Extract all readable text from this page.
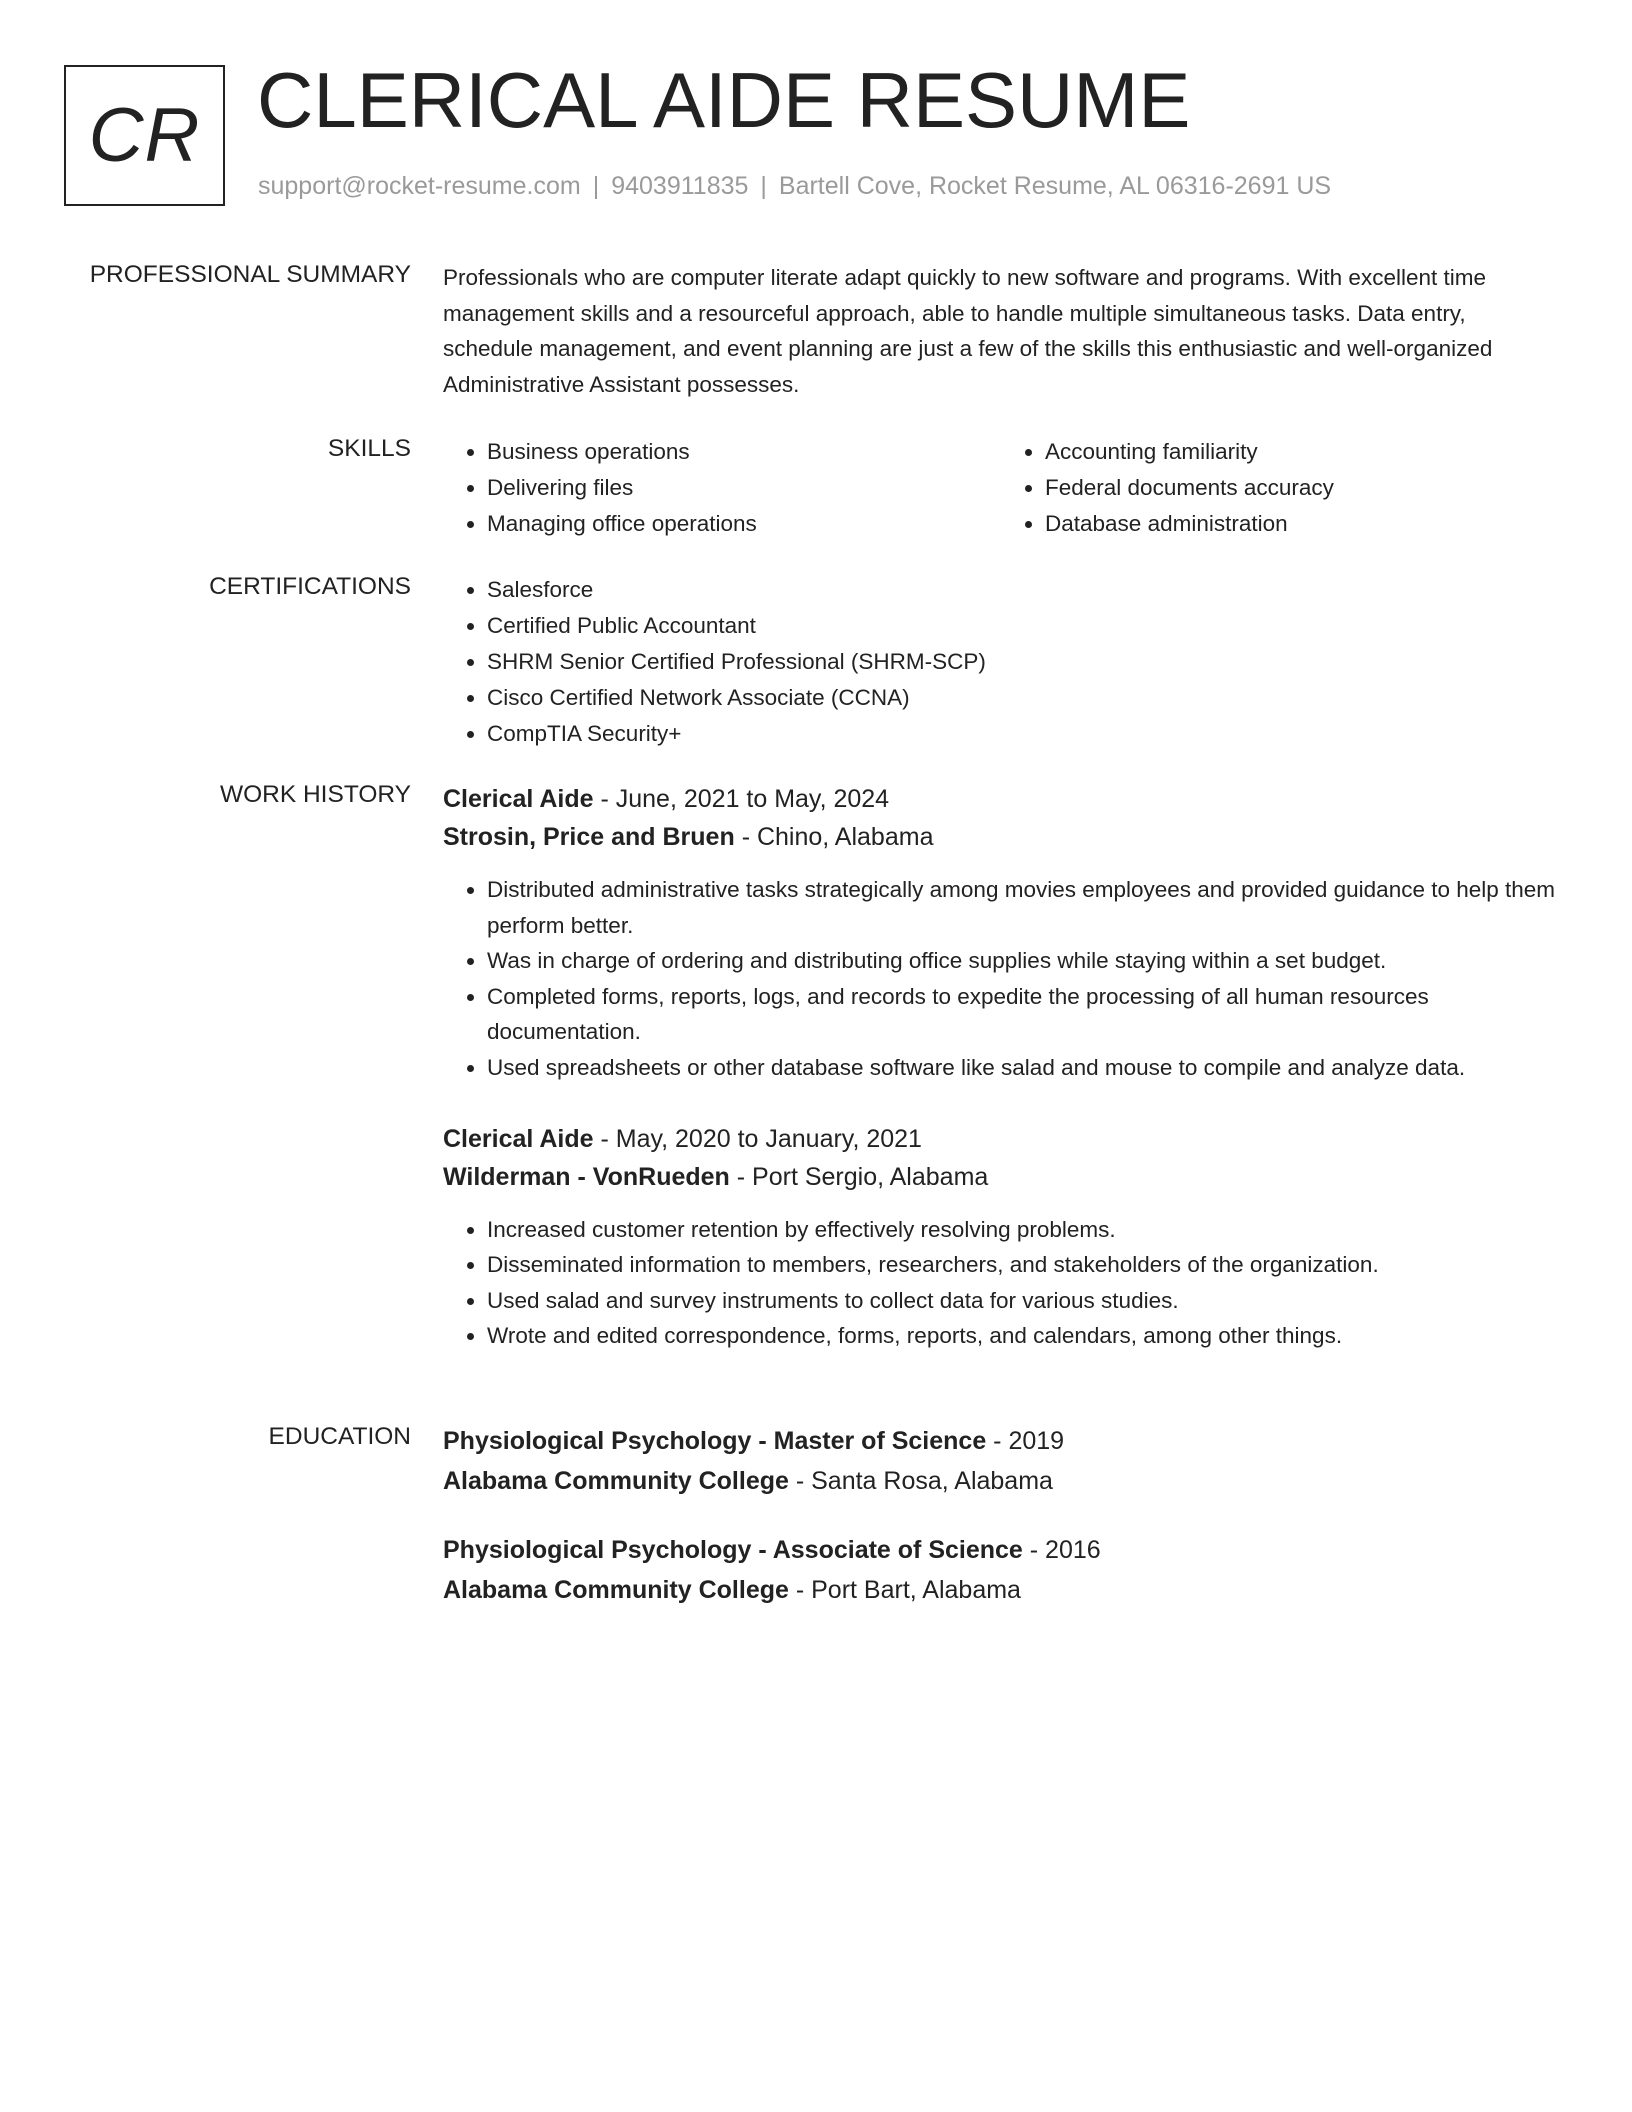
CR CLERICAL AIDE RESUME
support@rocket-resume.com | 9403911835 | Bartell Cove, Rocket Resume, AL 06316-2691 US
PROFESSIONAL SUMMARY Professionals who are computer literate adapt quickly to new software and programs. With excellent time management skills and a resourceful approach, able to handle multiple simultaneous tasks. Data entry, schedule management, and event planning are just a few of the skills this enthusiastic and well-organized Administrative Assistant possesses.

SKILLS	• Business operations
• Delivering files
• Managing office operations
• Accounting familiarity
• Federal documents accuracy
• Database administration
CERTIFICATIONS	• Salesforce
• Certified Public Accountant
• SHRM Senior Certified Professional (SHRM-SCP)
• Cisco Certified Network Associate (CCNA)
• CompTIA Security+
WORK HISTORY Clerical Aide - June, 2021 to May, 2024
Strosin, Price and Bruen - Chino, Alabama
• Distributed administrative tasks strategically among movies employees and provided guidance to help them perform better.
• Was in charge of ordering and distributing office supplies while staying within a set budget.
• Completed forms, reports, logs, and records to expedite the processing of all human resources documentation.
• Used spreadsheets or other database software like salad and mouse to compile and analyze data.
Clerical Aide - May, 2020 to January, 2021
Wilderman - VonRueden - Port Sergio, Alabama
• Increased customer retention by effectively resolving problems.
• Disseminated information to members, researchers, and stakeholders of the organization.
• Used salad and survey instruments to collect data for various studies.
• Wrote and edited correspondence, forms, reports, and calendars, among other things.
EDUCATION Physiological Psychology - Master of Science - 2019
Alabama Community College - Santa Rosa, Alabama
Physiological Psychology - Associate of Science - 2016
Alabama Community College - Port Bart, Alabama
